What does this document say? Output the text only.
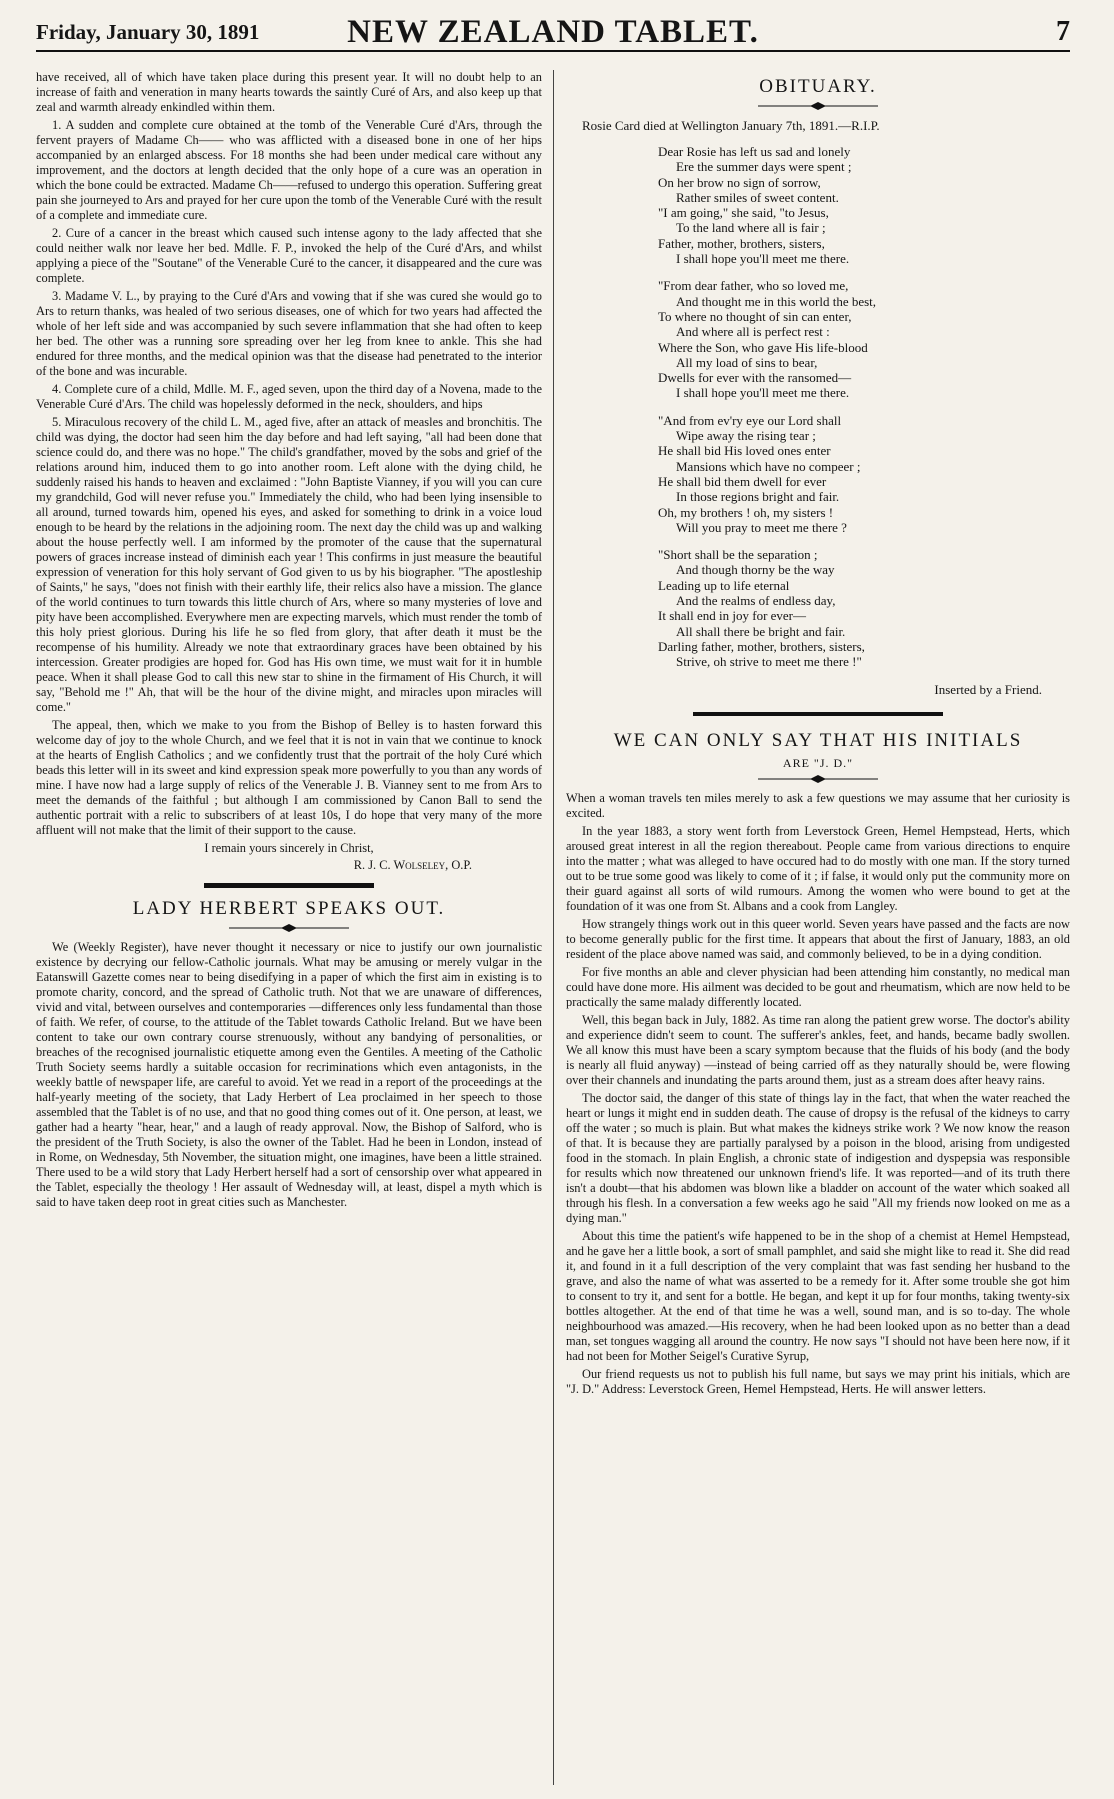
Friday, January 30, 1891	NEW ZEALAND TABLET.	7

have received, all of which have taken place during this present year. It will no doubt help to an increase of faith and veneration in many hearts towards the saintly Curé of Ars, and also keep up that zeal and warmth already enkindled within them.

1. A sudden and complete cure obtained at the tomb of the Venerable Curé d'Ars, through the fervent prayers of Madame Ch—— who was afflicted with a diseased bone in one of her hips accompanied by an enlarged abscess. For 18 months she had been under medical care without any improvement, and the doctors at length decided that the only hope of a cure was an operation in which the bone could be extracted. Madame Ch——refused to undergo this operation. Suffering great pain she journeyed to Ars and prayed for her cure upon the tomb of the Venerable Curé with the result of a complete and immediate cure.

2. Cure of a cancer in the breast which caused such intense agony to the lady affected that she could neither walk nor leave her bed. Mdlle. F. P., invoked the help of the Curé d'Ars, and whilst applying a piece of the "Soutane" of the Venerable Curé to the cancer, it disappeared and the cure was complete.

3. Madame V. L., by praying to the Curé d'Ars and vowing that if she was cured she would go to Ars to return thanks, was healed of two serious diseases, one of which for two years had affected the whole of her left side and was accompanied by such severe inflammation that she had often to keep her bed. The other was a running sore spreading over her leg from knee to ankle. This she had endured for three months, and the medical opinion was that the disease had penetrated to the interior of the bone and was incurable.

4. Complete cure of a child, Mdlle. M. F., aged seven, upon the third day of a Novena, made to the Venerable Curé d'Ars. The child was hopelessly deformed in the neck, shoulders, and hips

5. Miraculous recovery of the child L. M., aged five, after an attack of measles and bronchitis. The child was dying, the doctor had seen him the day before and had left saying, "all had been done that science could do, and there was no hope." The child's grandfather, moved by the sobs and grief of the relations around him, induced them to go into another room. Left alone with the dying child, he suddenly raised his hands to heaven and exclaimed : "John Baptiste Vianney, if you will you can cure my grandchild, God will never refuse you." Immediately the child, who had been lying insensible to all around, turned towards him, opened his eyes, and asked for something to drink in a voice loud enough to be heard by the relations in the adjoining room. The next day the child was up and walking about the house perfectly well. I am informed by the promoter of the cause that the supernatural powers of graces increase instead of diminish each year ! This confirms in just measure the beautiful expression of veneration for this holy servant of God given to us by his biographer. "The apostleship of Saints," he says, "does not finish with their earthly life, their relics also have a mission. The glance of the world continues to turn towards this little church of Ars, where so many mysteries of love and pity have been accomplished. Everywhere men are expecting marvels, which must render the tomb of this holy priest glorious. During his life he so fled from glory, that after death it must be the recompense of his humility. Already we note that extraordinary graces have been obtained by his intercession. Greater prodigies are hoped for. God has His own time, we must wait for it in humble peace. When it shall please God to call this new star to shine in the firmament of His Church, it will say, "Behold me !" Ah, that will be the hour of the divine might, and miracles upon miracles will come."

The appeal, then, which we make to you from the Bishop of Belley is to hasten forward this welcome day of joy to the whole Church, and we feel that it is not in vain that we continue to knock at the hearts of English Catholics ; and we confidently trust that the portrait of the holy Curé which beads this letter will in its sweet and kind expression speak more powerfully to you than any words of mine. I have now had a large supply of relics of the Venerable J. B. Vianney sent to me from Ars to meet the demands of the faithful ; but although I am commissioned by Canon Ball to send the authentic portrait with a relic to subscribers of at least 10s, I do hope that very many of the more affluent will not make that the limit of their support to the cause.

I remain yours sincerely in Christ,
R. J. C. Wolseley, O.P.
LADY HERBERT SPEAKS OUT.

We (Weekly Register), have never thought it necessary or nice to justify our own journalistic existence by decrying our fellow-Catholic journals. What may be amusing or merely vulgar in the Eatanswill Gazette comes near to being disedifying in a paper of which the first aim in existing is to promote charity, concord, and the spread of Catholic truth. Not that we are unaware of differences, vivid and vital, between ourselves and contemporaries —differences only less fundamental than those of faith. We refer, of course, to the attitude of the Tablet towards Catholic Ireland. But we have been content to take our own contrary course strenuously, without any bandying of personalities, or breaches of the recognised journalistic etiquette among even the Gentiles. A meeting of the Catholic Truth Society seems hardly a suitable occasion for recriminations which even antagonists, in the weekly battle of newspaper life, are careful to avoid. Yet we read in a report of the proceedings at the half-yearly meeting of the society, that Lady Herbert of Lea proclaimed in her speech to those assembled that the Tablet is of no use, and that no good thing comes out of it. One person, at least, we gather had a hearty "hear, hear," and a laugh of ready approval. Now, the Bishop of Salford, who is the president of the Truth Society, is also the owner of the Tablet. Had he been in London, instead of in Rome, on Wednesday, 5th November, the situation might, one imagines, have been a little strained. There used to be a wild story that Lady Herbert herself had a sort of censorship over what appeared in the Tablet, especially the theology ! Her assault of Wednesday will, at least, dispel a myth which is said to have taken deep root in great cities such as Manchester.

OBITUARY.
Rosie Card died at Wellington January 7th, 1891.—R.I.P.
Dear Rosie has left us sad and lonely
Ere the summer days were spent ;
On her brow no sign of sorrow,
Rather smiles of sweet content.
"I am going," she said, "to Jesus,
To the land where all is fair ;
Father, mother, brothers, sisters,
I shall hope you'll meet me there.
"From dear father, who so loved me,
And thought me in this world the best,
To where no thought of sin can enter,
And where all is perfect rest :
Where the Son, who gave His life-blood
All my load of sins to bear,
Dwells for ever with the ransomed—
I shall hope you'll meet me there.
"And from ev'ry eye our Lord shall
Wipe away the rising tear ;
He shall bid His loved ones enter
Mansions which have no compeer ;
He shall bid them dwell for ever
In those regions bright and fair.
Oh, my brothers ! oh, my sisters !
Will you pray to meet me there ?
"Short shall be the separation ;
And though thorny be the way
Leading up to life eternal
And the realms of endless day,
It shall end in joy for ever—
All shall there be bright and fair.
Darling father, mother, brothers, sisters,
Strive, oh strive to meet me there !"
Inserted by a Friend.
WE CAN ONLY SAY THAT HIS INITIALS
ARE "J. D."

When a woman travels ten miles merely to ask a few questions we may assume that her curiosity is excited.

In the year 1883, a story went forth from Leverstock Green, Hemel Hempstead, Herts, which aroused great interest in all the region thereabout. People came from various directions to enquire into the matter ; what was alleged to have occured had to do mostly with one man. If the story turned out to be true some good was likely to come of it ; if false, it would only put the community more on their guard against all sorts of wild rumours. Among the women who were bound to get at the foundation of it was one from St. Albans and a cook from Langley.

How strangely things work out in this queer world. Seven years have passed and the facts are now to become generally public for the first time. It appears that about the first of January, 1883, an old resident of the place above named was said, and commonly believed, to be in a dying condition.

For five months an able and clever physician had been attending him constantly, no medical man could have done more. His ailment was decided to be gout and rheumatism, which are now held to be practically the same malady differently located.

Well, this began back in July, 1882. As time ran along the patient grew worse. The doctor's ability and experience didn't seem to count. The sufferer's ankles, feet, and hands, became badly swollen. We all know this must have been a scary symptom because that the fluids of his body (and the body is nearly all fluid anyway) —instead of being carried off as they naturally should be, were flowing over their channels and inundating the parts around them, just as a stream does after heavy rains.

The doctor said, the danger of this state of things lay in the fact, that when the water reached the heart or lungs it might end in sudden death. The cause of dropsy is the refusal of the kidneys to carry off the water ; so much is plain. But what makes the kidneys strike work ? We now know the reason of that. It is because they are partially paralysed by a poison in the blood, arising from undigested food in the stomach. In plain English, a chronic state of indigestion and dyspepsia was responsible for results which now threatened our unknown friend's life. It was reported—and of its truth there isn't a doubt—that his abdomen was blown like a bladder on account of the water which soaked all through his flesh. In a conversation a few weeks ago he said "All my friends now looked on me as a dying man."

About this time the patient's wife happened to be in the shop of a chemist at Hemel Hempstead, and he gave her a little book, a sort of small pamphlet, and said she might like to read it. She did read it, and found in it a full description of the very complaint that was fast sending her husband to the grave, and also the name of what was asserted to be a remedy for it. After some trouble she got him to consent to try it, and sent for a bottle. He began, and kept it up for four months, taking twenty-six bottles altogether. At the end of that time he was a well, sound man, and is so to-day. The whole neighbourhood was amazed.—His recovery, when he had been looked upon as no better than a dead man, set tongues wagging all around the country. He now says "I should not have been here now, if it had not been for Mother Seigel's Curative Syrup,

Our friend requests us not to publish his full name, but says we may print his initials, which are "J. D." Address: Leverstock Green, Hemel Hempstead, Herts. He will answer letters.
